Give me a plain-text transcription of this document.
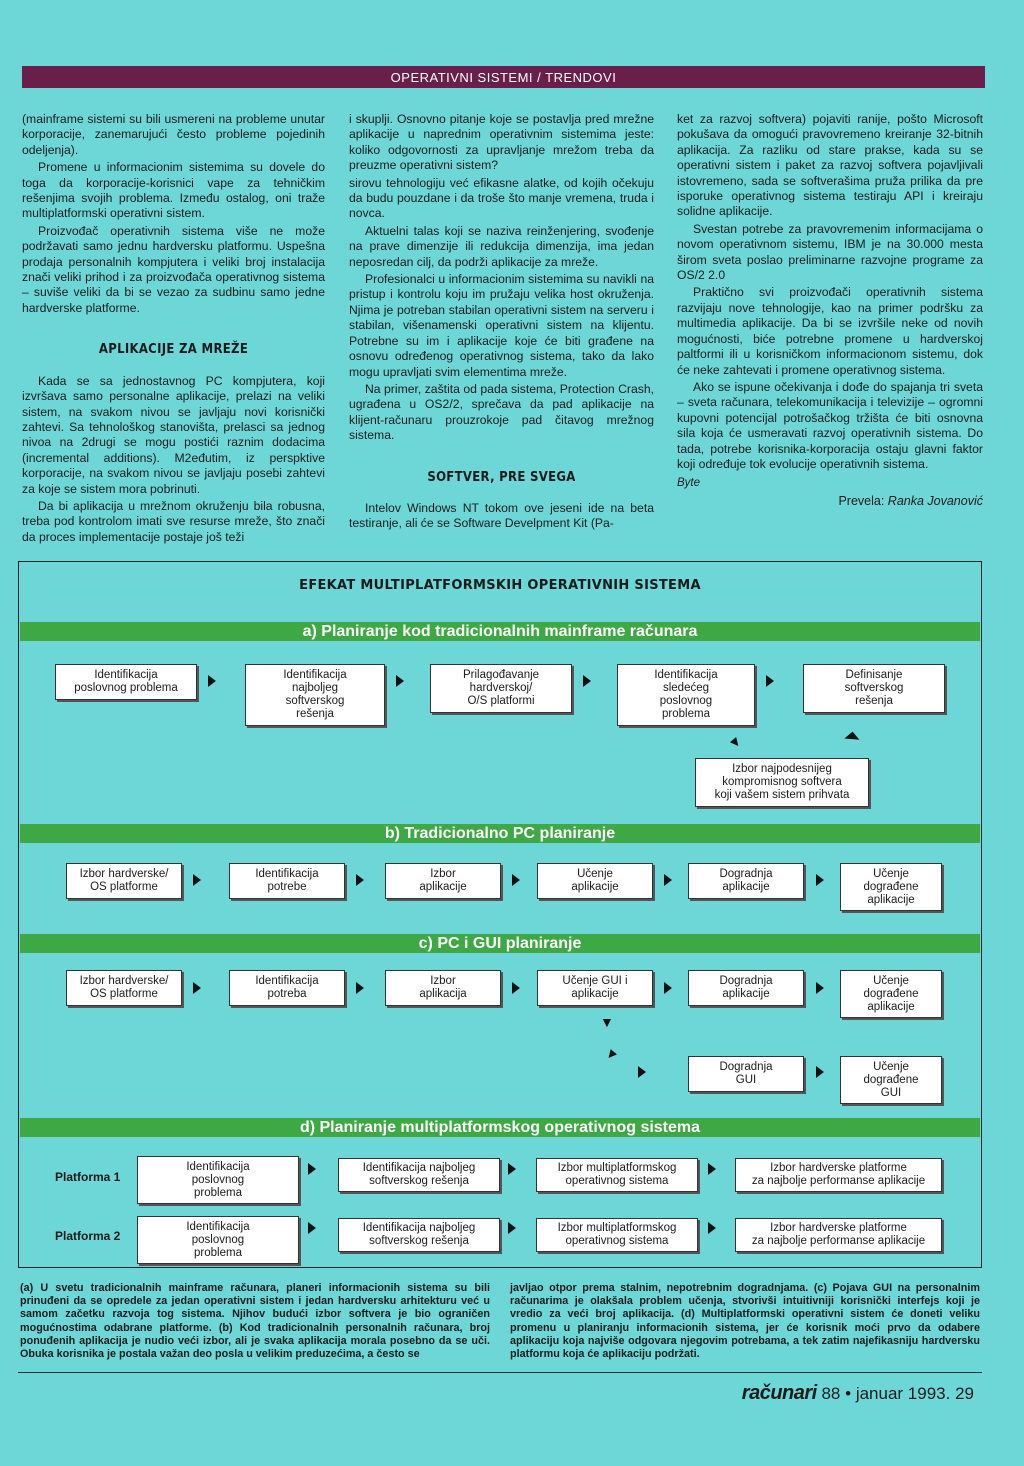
OPERATIVNI SISTEMI / TRENDOVI

(mainframe sistemi su bili usmereni na probleme unutar korporacije, zanemarujući često probleme pojedinih odeljenja).

Promene u informacionim sistemima su dovele do toga da korporacije-korisnici vape za tehničkim rešenjima svojih problema. Između ostalog, oni traže multiplatformski operativni sistem.

Proizvođač operativnih sistema više ne može podržavati samo jednu hardversku platformu. Uspešna prodaja personalnih kompjutera i veliki broj instalacija znači veliki prihod i za proizvođača operativnog sistema – suviše veliki da bi se vezao za sudbinu samo jedne hardverske platforme.

APLIKACIJE ZA MREŽE

Kada se sa jednostavnog PC kompjutera, koji izvršava samo personalne aplikacije, prelazi na veliki sistem, na svakom nivou se javljaju novi korisnički zahtevi. Sa tehnološkog stanovišta, prelasci sa jednog nivoa na 2drugi se mogu postići raznim dodacima (incremental additions). M2eđutim, iz perspktive korporacije, na svakom nivou se javljaju posebi zahtevi za koje se sistem mora pobrinuti.

Da bi aplikacija u mrežnom okruženju bila robusna, treba pod kontrolom imati sve resurse mreže, što znači da proces implementacije postaje još teži

i skuplji. Osnovno pitanje koje se postavlja pred mrežne aplikacije u naprednim operativnim sistemima jeste: koliko odgovornosti za upravljanje mrežom treba da preuzme operativni sistem?

sirovu tehnologiju već efikasne alatke, od kojih očekuju da budu pouzdane i da troše što manje vremena, truda i novca.

Aktuelni talas koji se naziva reinženjering, svođenje na prave dimenzije ili redukcija dimenzija, ima jedan neposredan cilj, da podrži aplikacije za mreže.

Profesionalci u informacionim sistemima su navikli na pristup i kontrolu koju im pružaju velika host okruženja. Njima je potreban stabilan operativni sistem na serveru i stabilan, višenamenski operativni sistem na klijentu. Potrebne su im i aplikacije koje će biti građene na osnovu određenog operativnog sistema, tako da lako mogu upravljati svim elementima mreže.

Na primer, zaštita od pada sistema, Protection Crash, ugrađena u OS2/2, sprečava da pad aplikacije na klijent-računaru prouzrokoje pad čitavog mrežnog sistema.

SOFTVER, PRE SVEGA

Intelov Windows NT tokom ove jeseni ide na beta testiranje, ali će se Software Develpment Kit (Pa-

ket za razvoj softvera) pojaviti ranije, pošto Microsoft pokušava da omogući pravovremeno kreiranje 32-bitnih aplikacija. Za razliku od stare prakse, kada su se operativni sistem i paket za razvoj softvera pojavljivali istovremeno, sada se softverašima pruža prilika da pre isporuke operativnog sistema testiraju API i kreiraju solidne aplikacije.

Svestan potrebe za pravovremenim informacijama o novom operativnom sistemu, IBM je na 30.000 mesta širom sveta poslao preliminarne razvojne programe za OS/2 2.0

Praktično svi proizvođači operativnih sistema razvijaju nove tehnologije, kao na primer podršku za multimedia aplikacije. Da bi se izvršile neke od novih mogućnosti, biće potrebne promene u hardverskoj paltformi ili u korisničkom informacionom sistemu, dok će neke zahtevati i promene operativnog sistema.

Ako se ispune očekivanja i dođe do spajanja tri sveta – sveta računara, telekomunikacija i televizije – ogromni kupovni potencijal potrošačkog tržišta će biti osnovna sila koja će usmeravati razvoj operativnih sistema. Do tada, potrebe korisnika-korporacija ostaju glavni faktor koji određuje tok evolucije operativnih sistema.

Byte
Prevela: Ranka Jovanović
EFEKAT MULTIPLATFORMSKIH OPERATIVNIH SISTEMA
a) Planiranje kod tradicionalnih mainframe računara
Identifikacija
poslovnog problema
Identifikacija
najboljeg
softverskog
rešenja
Prilagođavanje
hardverskoj/
O/S platformi
Identifikacija
sledećeg
poslovnog
problema
Definisanje
softverskog
rešenja
▼	◥
Izbor najpodesnijeg
kompromisnog softvera
koji vašem sistem prihvata
b) Tradicionalno PC planiranje
Izbor hardverske/
OS platforme
Identifikacija
potrebe
Izbor
aplikacije
Učenje
aplikacije
Dogradnja
aplikacije
Učenje
dograđene
aplikacije
c) PC i GUI planiranje
Izbor hardverske/
OS platforme
Identifikacija
potreba
Izbor
aplikacija
Učenje GUI i
aplikacije
Dogradnja
aplikacije
Učenje
dograđene
aplikacije
▼
▼
Dogradnja
GUI
Učenje
dograđene
GUI
d) Planiranje multiplatformskog operativnog sistema
Platforma 1
Identifikacija
poslovnog
problema
Identifikacija najboljeg
softverskog rešenja
Izbor multiplatformskog
operativnog sistema
Izbor hardverske platforme
za najbolje performanse aplikacije
Platforma 2
Identifikacija
poslovnog
problema
Identifikacija najboljeg
softverskog rešenja
Izbor multiplatformskog
operativnog sistema
Izbor hardverske platforme
za najbolje performanse aplikacije
(a) U svetu tradicionalnih mainframe računara, planeri informacionih sistema su bili prinuđeni da se opredele za jedan operativni sistem i jedan hardversku arhitekturu već u samom začetku razvoja tog sistema. Njihov budući izbor softvera je bio ograničen mogućnostima odabrane platforme. (b) Kod tradicionalnih personalnih računara, broj ponuđenih aplikacija je nudio veći izbor, ali je svaka aplikacija morala posebno da se uči. Obuka korisnika je postala važan deo posla u velikim preduzećima, a često se
javljao otpor prema stalnim, nepotrebnim dogradnjama. (c) Pojava GUI na personalnim računarima je olakšala problem učenja, stvorivši intuitivniji korisnički interfejs koji je vredio za veći broj aplikacija. (d) Multiplatformski operativni sistem će doneti veliku promenu u planiranju informacionih sistema, jer će korisnik moći prvo da odabere aplikaciju koja najviše odgovara njegovim potrebama, a tek zatim najefikasniju hardversku platformu koja će aplikaciju podržati.
računari 88 • januar 1993. 29
